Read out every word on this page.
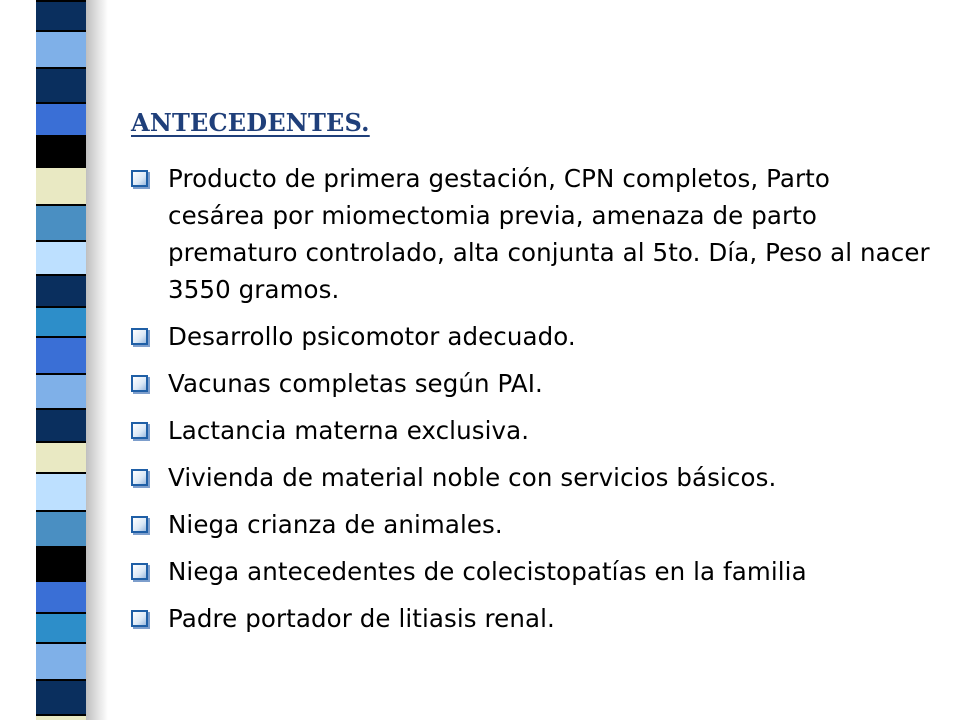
ANTECEDENTES.
Producto de primera gestación, CPN completos, Parto cesárea por miomectomia previa, amenaza de parto prematuro controlado, alta conjunta al 5to. Día, Peso al nacer 3550 gramos.
Desarrollo psicomotor adecuado.
Vacunas completas según PAI.
Lactancia materna exclusiva.
Vivienda de material noble con servicios básicos.
Niega crianza de animales.
Niega antecedentes de colecistopatías en la familia
Padre portador de litiasis renal.
